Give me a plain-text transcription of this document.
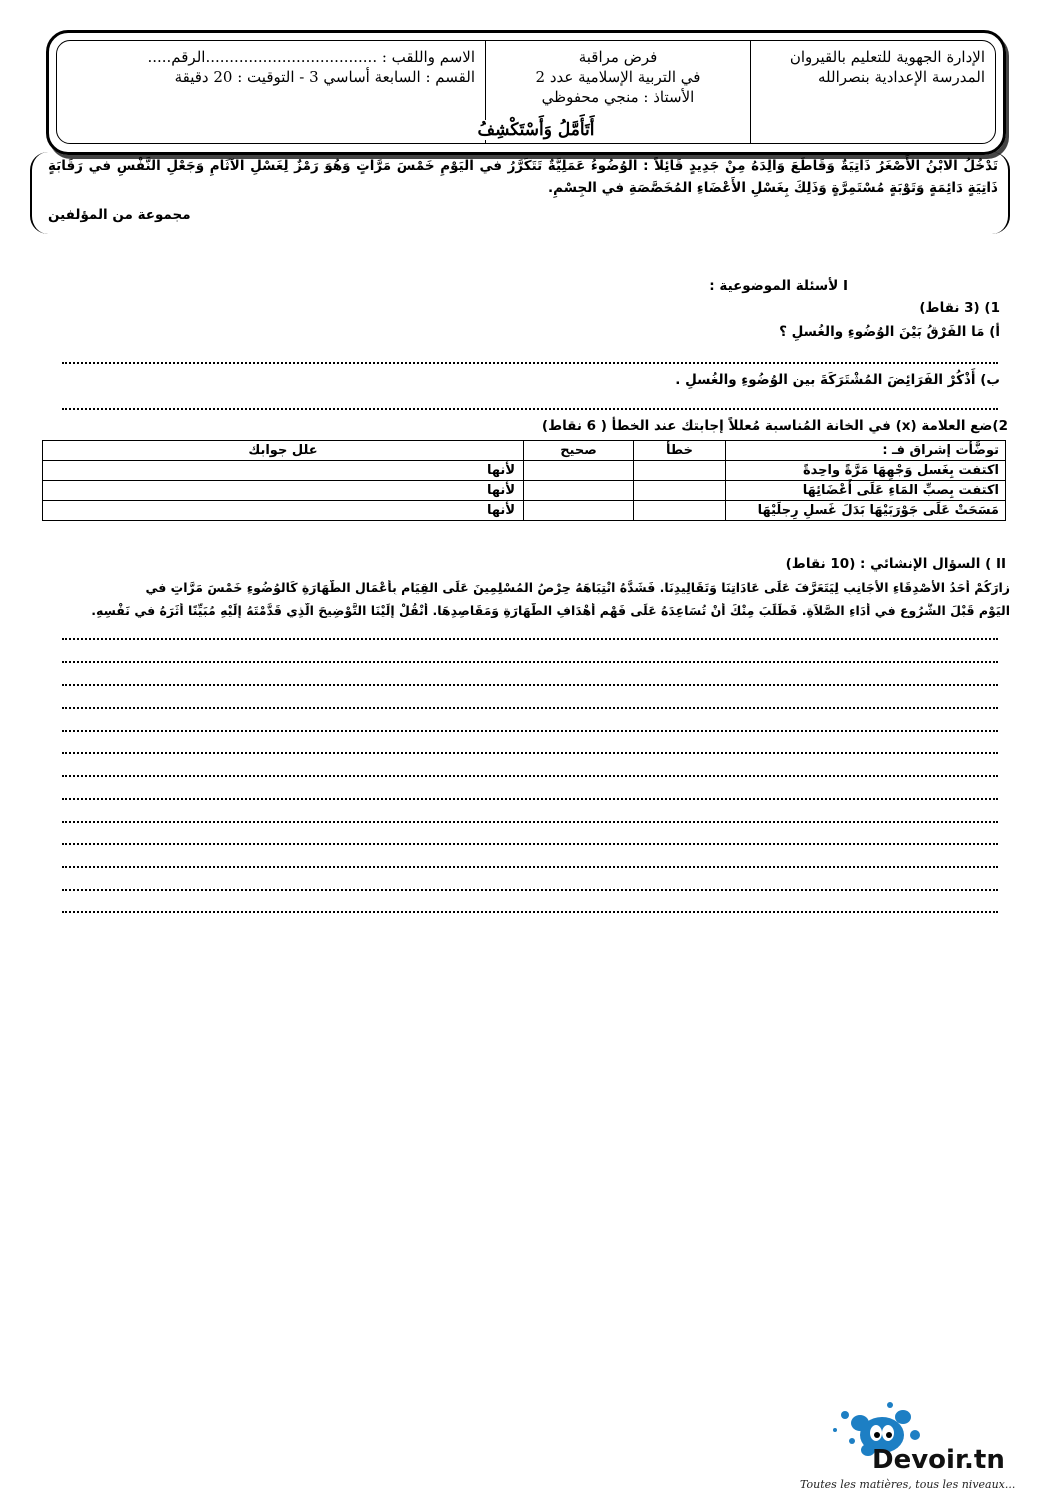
الإدارة الجهوية للتعليم بالقيروان
المدرسة الإعدادية بنصرالله
فرض مراقبة
في التربية الإسلامية عدد 2
الأستاذ : منجي محفوظي
الاسم واللقب : ....................................الرقم.....
القسم : السابعة أساسي 3 - التوقيت : 20 دقيقة
أَتَأَمَّلُ وَأَسْتَكْشِفُ
تَدْخُلُ الابْنُ الأَصْغَرُ ذَاتِيَةٌ وَقَاطَعَ وَالِدَهُ مِنْ جَدِيدٍ قَائِلاً : الوُضُوءُ عَمَلِيَّةٌ تَتَكَرَّرُ في اليَوْمِ خَمْسَ مَرَّاتٍ وَهُوَ رَمْزٌ لِغَسْلِ الآثَامِ وَجَعْلِ النَّفْسِ في رَقَابَةٍ ذَاتِيَةٍ دَائِمَةٍ وَتَوْبَةٍ مُسْتَمِرَّةٍ وَذَلِكَ بِغَسْلِ الأَعْضَاءِ المُخَصَّصَةِ في الجِسْمِ.
مجموعة من المؤلفين
I لأسئلة الموضوعية :
1) (3 نقاط)
أ) مَا الفَرْقُ بَيْنَ الوُضُوءِ والغُسلِ ؟
ب) أَذْكُرْ الفَرَائِضَ المُشْتَرَكَةَ بين الوُضُوءِ والغُسلِ .
2)ضع العلامة (x) في الخانة المُناسبة مُعللاً إجابتك عند الخطأ ( 6 نقاط)
توضَّأت إشراق فـ :	خطأ	صحيح	علل جوابك
اكتفت بِغَسل وَجْهِهَا مَرَّةً واحِدةً			لأنها
اكتفت بِصبِّ المَاءِ عَلَى أَعْضَائِهَا			لأنها
مَسَحَتْ عَلَى جَوْرَبَيْهَا بَدَلَ غَسلِ رِجلَيْهَا			لأنها
II ) السؤال الإنشائي : (10 نقاط)
زارَكُمْ أَحَدُ الأَصْدِقَاءِ الأَجَانِبِ لِيَتَعَرَّفَ عَلَى عَادَاتِنَا وَتَقَالِيدِنَا. فَشَدَّهُ انْتِبَاهَهُ حِرْصُ المُسْلِمِينَ عَلَى القِيَامِ بِأَعْمَالِ الطَّهَارَةِ كَالوُضُوءِ خَمْسَ مَرَّاتٍ في
اليَوْمِ قَبْلَ الشُّرُوعِ في أَدَاءِ الصَّلاَةِ. فَطَلَبَ مِنْكَ أَنْ تُسَاعِدَهُ عَلَى فَهْمِ أَهْدَافِ الطَّهَارَةِ وَمَقَاصِدِهَا. أَنْقُلْ إِلَيْنَا التَّوْضِيحَ الَّذِي قَدَّمْتَهُ إِلَيْهِ مُبَيِّنًا أَثَرَهُ في نَفْسِهِ.
Devoir.tn
Toutes les matières, tous les niveaux...
